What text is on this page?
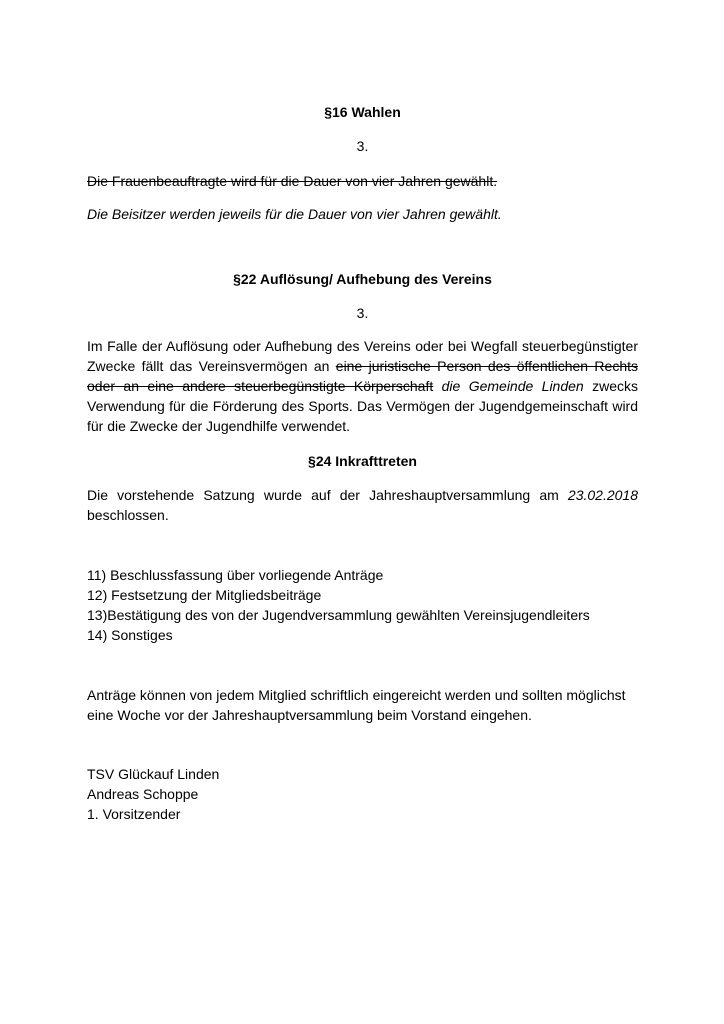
§16 Wahlen

3.

Die Frauenbeauftragte wird für die Dauer von vier Jahren gewählt.

Die Beisitzer werden jeweils für die Dauer von vier Jahren gewählt.

§22 Auflösung/ Aufhebung des Vereins

3.

Im Falle der Auflösung oder Aufhebung des Vereins oder bei Wegfall steuerbegünstigter Zwecke fällt das Vereinsvermögen an eine juristische Person des öffentlichen Rechts oder an eine andere steuerbegünstigte Körperschaft die Gemeinde Linden zwecks Verwendung für die Förderung des Sports. Das Vermögen der Jugendgemeinschaft wird für die Zwecke der Jugendhilfe verwendet.

§24 Inkrafttreten

Die vorstehende Satzung wurde auf der Jahreshauptversammlung am 23.02.2018

beschlossen.

11) Beschlussfassung über vorliegende Anträge
12) Festsetzung der Mitgliedsbeiträge
13)Bestätigung des von der Jugendversammlung gewählten Vereinsjugendleiters
14) Sonstiges

Anträge können von jedem Mitglied schriftlich eingereicht werden und sollten möglichst eine Woche vor der Jahreshauptversammlung beim Vorstand eingehen.

TSV Glückauf Linden

Andreas Schoppe

1. Vorsitzender
